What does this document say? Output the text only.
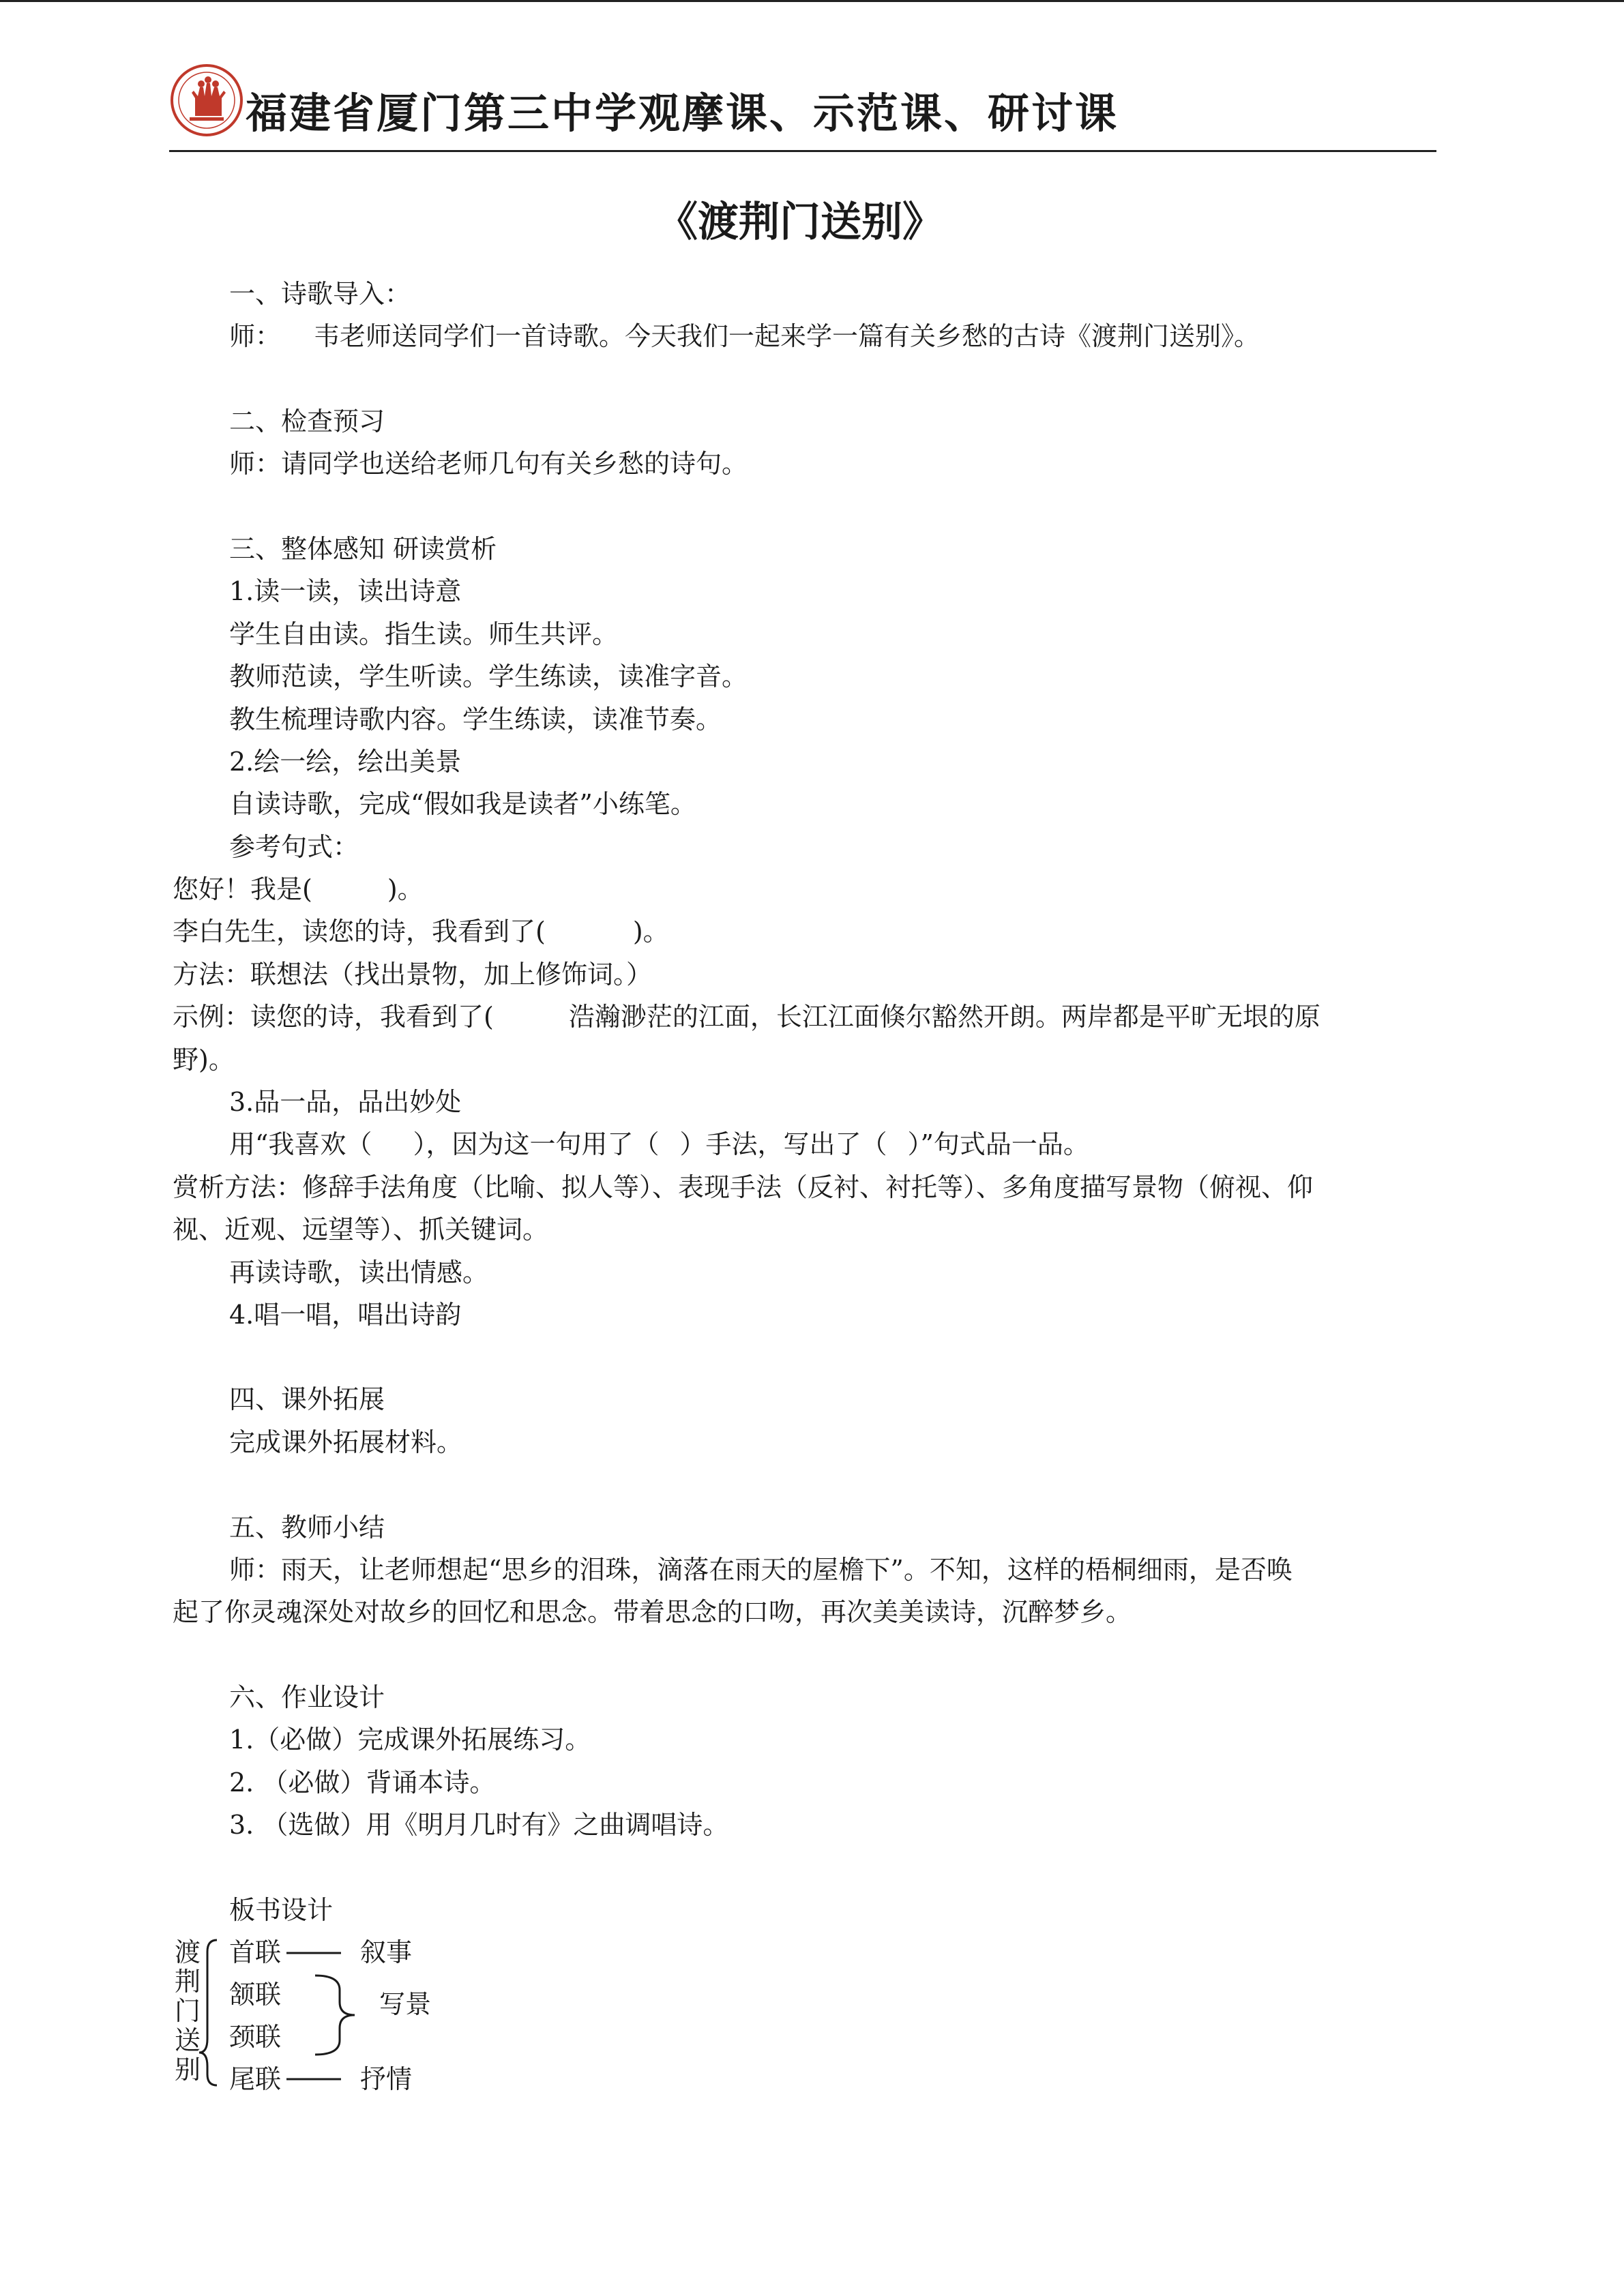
福建省厦门第三中学观摩课、示范课、研讨课
《渡荆门送别》
一、诗歌导入：
师： 韦老师送同学们一首诗歌。今天我们一起来学一篇有关乡愁的古诗《渡荆门送别》。
二、检查预习
师：请同学也送给老师几句有关乡愁的诗句。
三、整体感知 研读赏析
1.读一读，读出诗意
学生自由读。指生读。师生共评。
教师范读，学生听读。学生练读，读准字音。
教生梳理诗歌内容。学生练读，读准节奏。
2.绘一绘，绘出美景
自读诗歌，完成“假如我是读者”小练笔。
参考句式：
您好！我是(	)。
李白先生，读您的诗，我看到了(	)。
方法：联想法（找出景物，加上修饰词。）
示例：读您的诗，我看到了(	浩瀚渺茫的江面，长江江面倏尔豁然开朗。两岸都是平旷无垠的原
野)。
3.品一品，品出妙处
用“我喜欢（ ），因为这一句用了（ ）手法，写出了（ ）”句式品一品。
赏析方法：修辞手法角度（比喻、拟人等）、表现手法（反衬、衬托等）、多角度描写景物（俯视、仰
视、近观、远望等）、抓关键词。
再读诗歌，读出情感。
4.唱一唱，唱出诗韵
四、课外拓展
完成课外拓展材料。
五、教师小结
师：雨天，让老师想起“思乡的泪珠，滴落在雨天的屋檐下”。不知，这样的梧桐细雨，是否唤
起了你灵魂深处对故乡的回忆和思念。带着思念的口吻，再次美美读诗，沉醉梦乡。
六、作业设计
1.（必做）完成课外拓展练习。
2. （必做）背诵本诗。
3. （选做）用《明月几时有》之曲调唱诗。
板书设计
渡
荆
门
送
别
首联	叙事
颔联	写景
颈联
尾联	抒情
